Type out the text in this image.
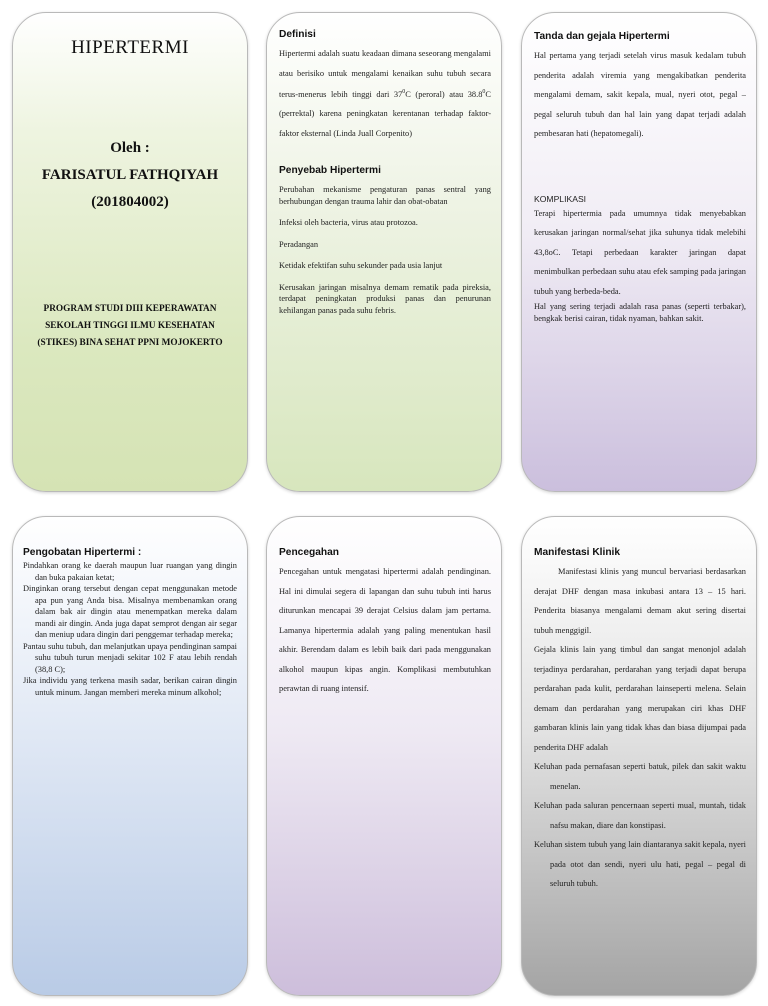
HIPERTERMI
Oleh :
FARISATUL FATHQIYAH
(201804002)
PROGRAM STUDI DIII KEPERAWATAN
SEKOLAH TINGGI ILMU KESEHATAN
(STIKES) BINA SEHAT PPNI MOJOKERTO
Definisi

Hipertermi adalah suatu keadaan dimana seseorang mengalami atau berisiko untuk mengalami kenaikan suhu tubuh secara terus-menerus lebih tinggi dari $37^0C$ (peroral) atau 38.8$^0$C (perrektal) karena peningkatan kerentanan terhadap faktor-faktor eksternal (Linda Juall Corpenito)

Penyebab Hipertermi

Perubahan mekanisme pengaturan panas sentral yang berhubungan dengan trauma lahir dan obat-obatan

Infeksi oleh bacteria, virus atau protozoa.

Peradangan

Ketidak efektifan suhu sekunder pada usia lanjut

Kerusakan jaringan misalnya demam rematik pada pireksia, terdapat peningkatan produksi panas dan penurunan kehilangan panas pada suhu febris.

Tanda dan gejala Hipertermi

Hal pertama yang terjadi setelah virus masuk kedalam tubuh penderita adalah viremia yang mengakibatkan penderita mengalami demam, sakit kepala, mual, nyeri otot, pegal – pegal seluruh tubuh dan hal lain yang dapat terjadi adalah pembesaran hati (hepatomegali).

KOMPLIKASI

Terapi hipertermia pada umumnya tidak menyebabkan kerusakan jaringan normal/sehat jika suhunya tidak melebihi 43,8oC. Tetapi perbedaan karakter jaringan dapat menimbulkan perbedaan suhu atau efek samping pada jaringan tubuh yang berbeda-beda.

Hal yang sering terjadi adalah rasa panas (seperti terbakar), bengkak berisi cairan, tidak nyaman, bahkan sakit.

Pengobatan Hipertermi :

Pindahkan orang ke daerah maupun luar ruangan yang dingin dan buka pakaian ketat;

Dinginkan orang tersebut dengan cepat menggunakan metode apa pun yang Anda bisa. Misalnya membenamkan orang dalam bak air dingin atau menempatkan mereka dalam mandi air dingin. Anda juga dapat semprot dengan air segar dan meniup udara dingin dari penggemar terhadap mereka;

Pantau suhu tubuh, dan melanjutkan upaya pendinginan sampai suhu tubuh turun menjadi sekitar 102 F atau lebih rendah (38,8 C);

Jika individu yang terkena masih sadar, berikan cairan dingin untuk minum. Jangan memberi mereka minum alkohol;

Pencegahan

Pencegahan untuk mengatasi hipertermi adalah pendinginan. Hal ini dimulai segera di lapangan dan suhu tubuh inti harus diturunkan mencapai 39 derajat Celsius dalam jam pertama. Lamanya hipertermia adalah yang paling menentukan hasil akhir. Berendam dalam es lebih baik dari pada menggunakan alkohol maupun kipas angin. Komplikasi membutuhkan perawtan di ruang intensif.

Manifestasi Klinik

Manifestasi klinis yang muncul bervariasi berdasarkan derajat DHF dengan masa inkubasi antara 13 – 15 hari. Penderita biasanya mengalami demam akut sering disertai tubuh menggigil.

Gejala klinis lain yang timbul dan sangat menonjol adalah terjadinya perdarahan, perdarahan yang terjadi dapat berupa perdarahan pada kulit, perdarahan lainseperti melena. Selain demam dan perdarahan yang merupakan ciri khas DHF gambaran klinis lain yang tidak khas dan biasa dijumpai pada penderita DHF adalah

Keluhan pada pernafasan seperti batuk, pilek dan sakit waktu menelan.

Keluhan pada saluran pencernaan seperti mual, muntah, tidak nafsu makan, diare dan konstipasi.

Keluhan sistem tubuh yang lain diantaranya sakit kepala, nyeri pada otot dan sendi, nyeri ulu hati, pegal – pegal di seluruh tubuh.
